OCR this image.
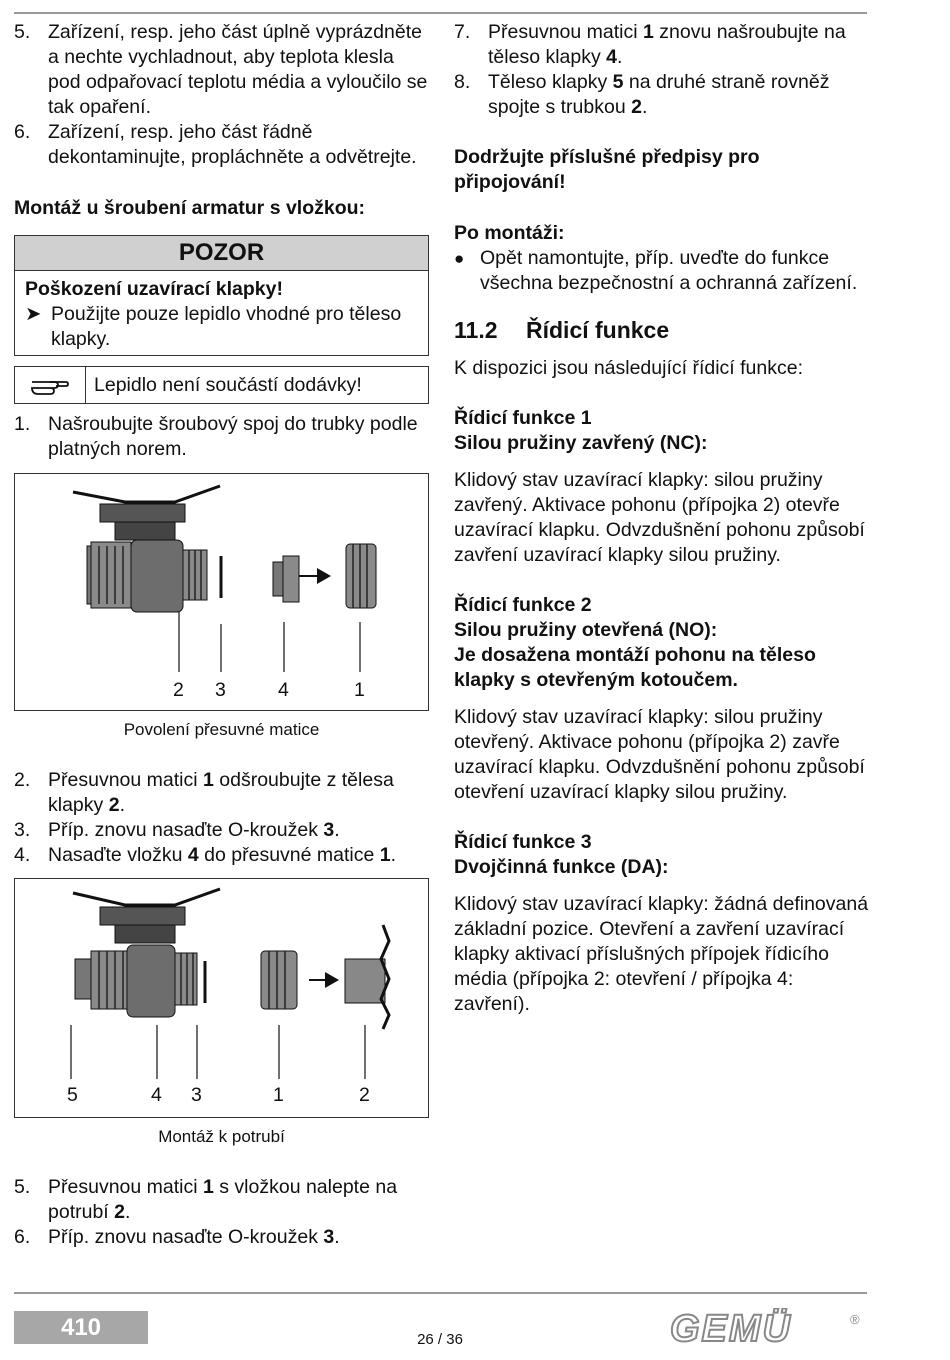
5. Zařízení, resp. jeho část úplně vyprázdněte a nechte vychladnout, aby teplota klesla pod odpařovací teplotu média a vyloučilo se tak opaření.
6. Zařízení, resp. jeho část řádně dekontaminujte, propláchněte a odvětrejte.

Montáž u šroubení armatur s vložkou:

POZOR
Poškození uzavírací klapky!
➤ Použijte pouze lepidlo vhodné pro těleso klapky.
Lepidlo není součástí dodávky!
1. Našroubujte šroubový spoj do trubky podle platných norem.
2 3	4	1
Povolení přesuvné matice
2. Přesuvnou matici 1 odšroubujte z tělesa klapky 2.
3. Příp. znovu nasaďte O-kroužek 3.
4. Nasaďte vložku 4 do přesuvné matice 1.
5	4 3	1	2
Montáž k potrubí
5. Přesuvnou matici 1 s vložkou nalepte na potrubí 2.
6. Příp. znovu nasaďte O-kroužek 3.
7. Přesuvnou matici 1 znovu našroubujte na těleso klapky 4.
8. Těleso klapky 5 na druhé straně rovněž spojte s trubkou 2.

Dodržujte příslušné předpisy pro připojování!

Po montáži:

● Opět namontujte, příp. uveďte do funkce všechna bezpečnostní a ochranná zařízení.
11.2	Řídicí funkce

K dispozici jsou následující řídicí funkce:

Řídicí funkce 1

Silou pružiny zavřený (NC):

Klidový stav uzavírací klapky: silou pružiny zavřený. Aktivace pohonu (přípojka 2) otevře uzavírací klapku. Odvzdušnění pohonu způsobí zavření uzavírací klapky silou pružiny.

Řídicí funkce 2

Silou pružiny otevřená (NO):

Je dosažena montáží pohonu na těleso klapky s otevřeným kotoučem.

Klidový stav uzavírací klapky: silou pružiny otevřený. Aktivace pohonu (přípojka 2) zavře uzavírací klapku. Odvzdušnění pohonu způsobí otevření uzavírací klapky silou pružiny.

Řídicí funkce 3

Dvojčinná funkce (DA):

Klidový stav uzavírací klapky: žádná definovaná základní pozice. Otevření a zavření uzavírací klapky aktivací příslušných přípojek řídicího média (přípojka 2: otevření / přípojka 4: zavření).

410	26 / 36	GEMÜ	®
